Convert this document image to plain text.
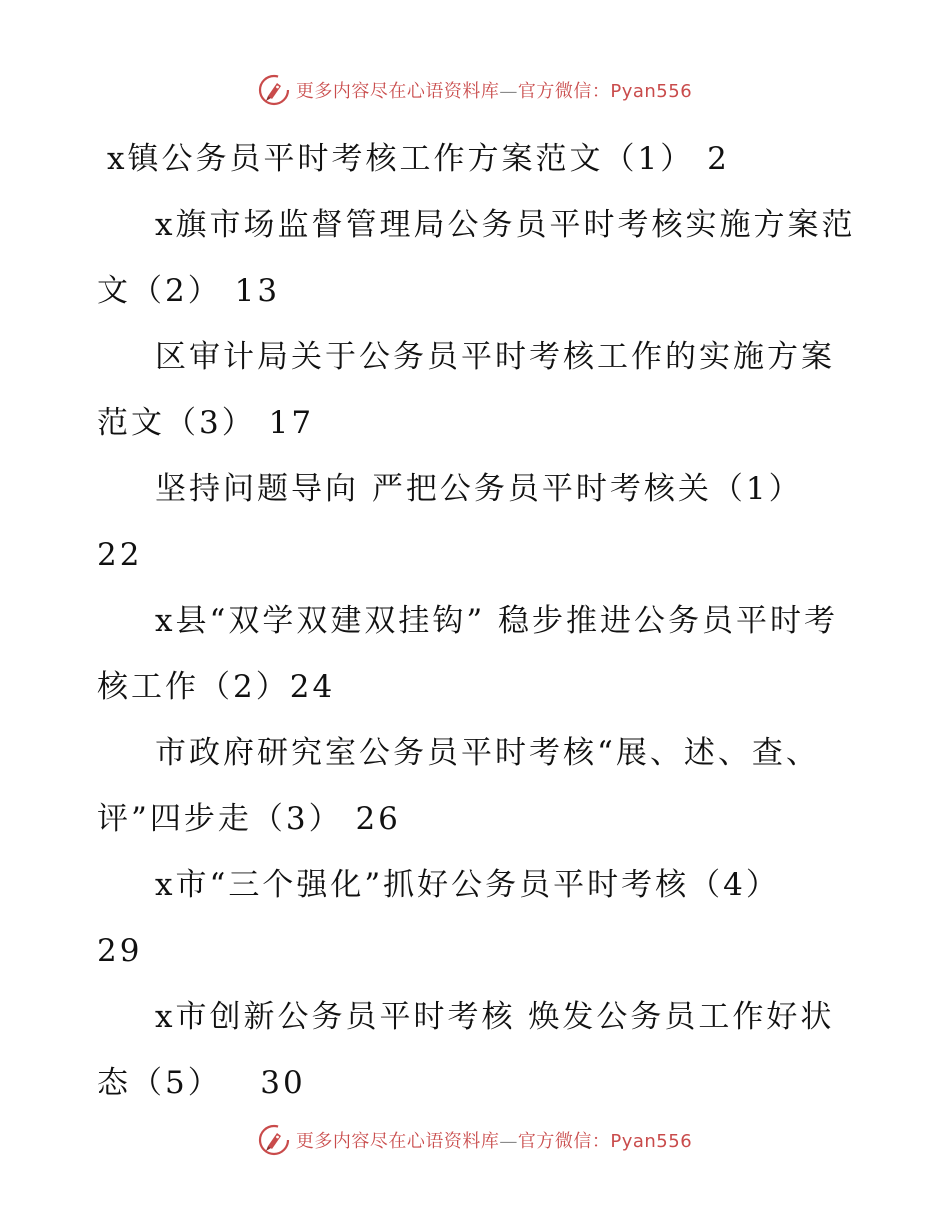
更多内容尽在心语资料库—官方微信：Pyan556

x镇公务员平时考核工作方案范文（1） 2

x旗市场监督管理局公务员平时考核实施方案范文（2） 13

区审计局关于公务员平时考核工作的实施方案范文（3） 17

坚持问题导向 严把公务员平时考核关（1）
22

x县“双学双建双挂钩” 稳步推进公务员平时考核工作（2）24

市政府研究室公务员平时考核“展、述、查、评”四步走（3） 26

x市“三个强化”抓好公务员平时考核（4）
29

x市创新公务员平时考核 焕发公务员工作好状态（5） 30

更多内容尽在心语资料库—官方微信：Pyan556
